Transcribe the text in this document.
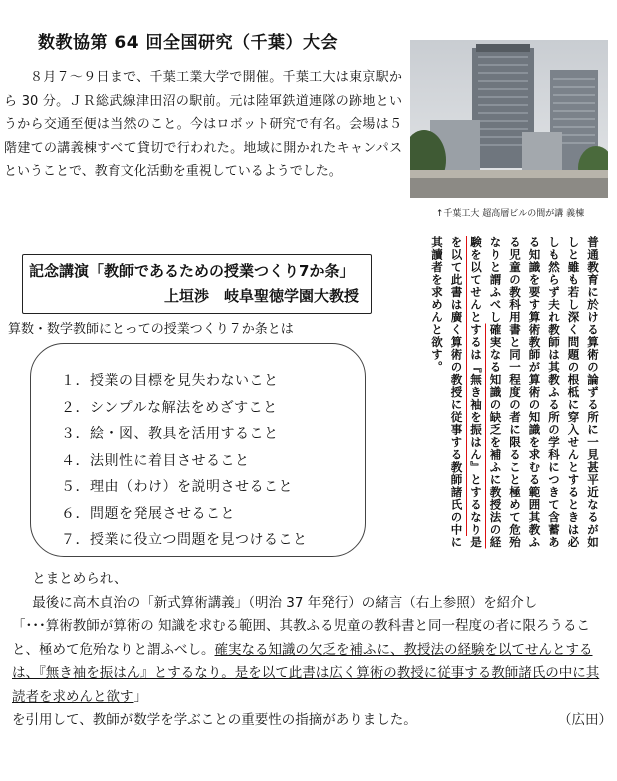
数教協第 64 回全国研究（千葉）大会

８月７〜９日まで、千葉工業大学で開催。千葉工大は東京駅から 30 分。ＪＲ総武線津田沼の駅前。元は陸軍鉄道連隊の跡地というから交通至便は当然のこと。今はロボット研究で有名。会場は５階建ての講義棟すべて貸切で行われた。地域に開かれたキャンパスということで、教育文化活動を重視しているようでした。

↑千葉工大 超高層ビルの間が講 義棟
記念講演「教師であるための授業つくり7か条」
上垣渉　岐阜聖徳学園大教授
算数・数学教師にとっての授業つくり７か条とは
１．授業の目標を見失わないこと
２．シンプルな解法をめざすこと
３．絵・図、教具を活用すること
４．法則性に着目させること
５．理由（わけ）を説明させること
６．問題を発展させること
７．授業に役立つ問題を見つけること	普通教育に於ける算術の論ずる所に一見甚平近なるが如しと雖も若し深く問題の根柢に穿入せんとするときは必しも然らず夫れ教師は其教ふる所の学科につきて含蓄ある知識を要す算術教師が算術の知識を求むる範囲其教ふる児童の教科用書と同一程度の者に限ること極めて危殆なりと謂ふべし確実なる知識の缺乏を補ふに教授法の経験を以てせんとするは『無き袖を振はん』とするなり是を以て此書は廣く算術の教授に従事する教師諸氏の中に其讀者を求めんと欲す。

とまとめられ、

最後に高木貞治の「新式算術講義」（明治 37 年発行）の緒言（右上参照）を紹介し

「･･･算術教師が算術の 知識を求むる範囲、其教ふる児童の教科書と同一程度の者に限ろうること、極めて危殆なりと謂ふべし。確実なる知識の欠乏を補ふに、教授法の経験を以てせんとするは、『無き袖を振はん』とするなり。是を以て此書は広く算術の教授に従事する教師諸氏の中に其読者を求めんと欲す」

を引用して、教師が数学を学ぶことの重要性の指摘がありました。	（広田）
